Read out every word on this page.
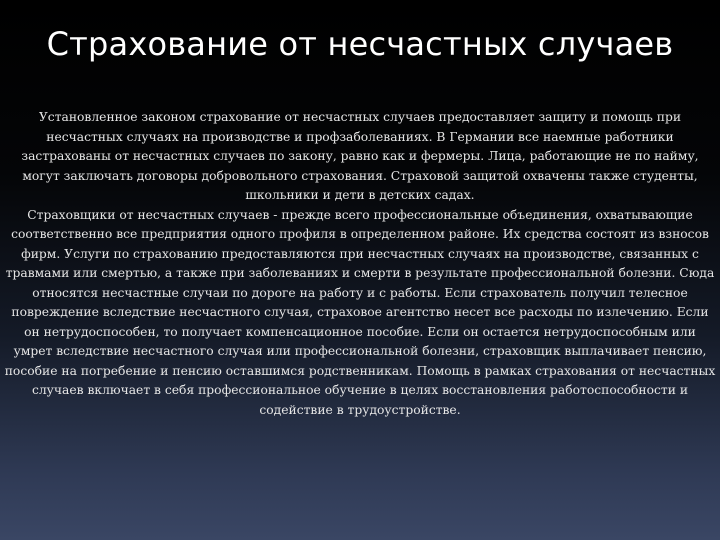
Страхование от несчастных случаев

Установленное законом страхование от несчастных случаев предоставляет защиту и помощь при несчастных случаях на производстве и профзаболеваниях. В Германии все наемные работники застрахованы от несчастных случаев по закону, равно как и фермеры. Лица, работающие не по найму, могут заключать договоры добровольного страхования. Страховой защитой охвачены также студенты, школьники и дети в детских садах.

Страховщики от несчастных случаев - прежде всего профессиональные объединения, охватывающие соответственно все предприятия одного профиля в определенном районе. Их средства состоят из взносов фирм. Услуги по страхованию предоставляются при несчастных случаях на производстве, связанных с травмами или смертью, а также при заболеваниях и смерти в результате профессиональной болезни. Сюда относятся несчастные случаи по дороге на работу и с работы. Если страхователь получил телесное повреждение вследствие несчастного случая, страховое агентство несет все расходы по излечению. Если он нетрудоспособен, то получает компенсационное пособие. Если он остается нетрудоспособным или умрет вследствие несчастного случая или профессиональной болезни, страховщик выплачивает пенсию, пособие на погребение и пенсию оставшимся родственникам. Помощь в рамках страхования от несчастных случаев включает в себя профессиональное обучение в целях восстановления работоспособности и содействие в трудоустройстве.
